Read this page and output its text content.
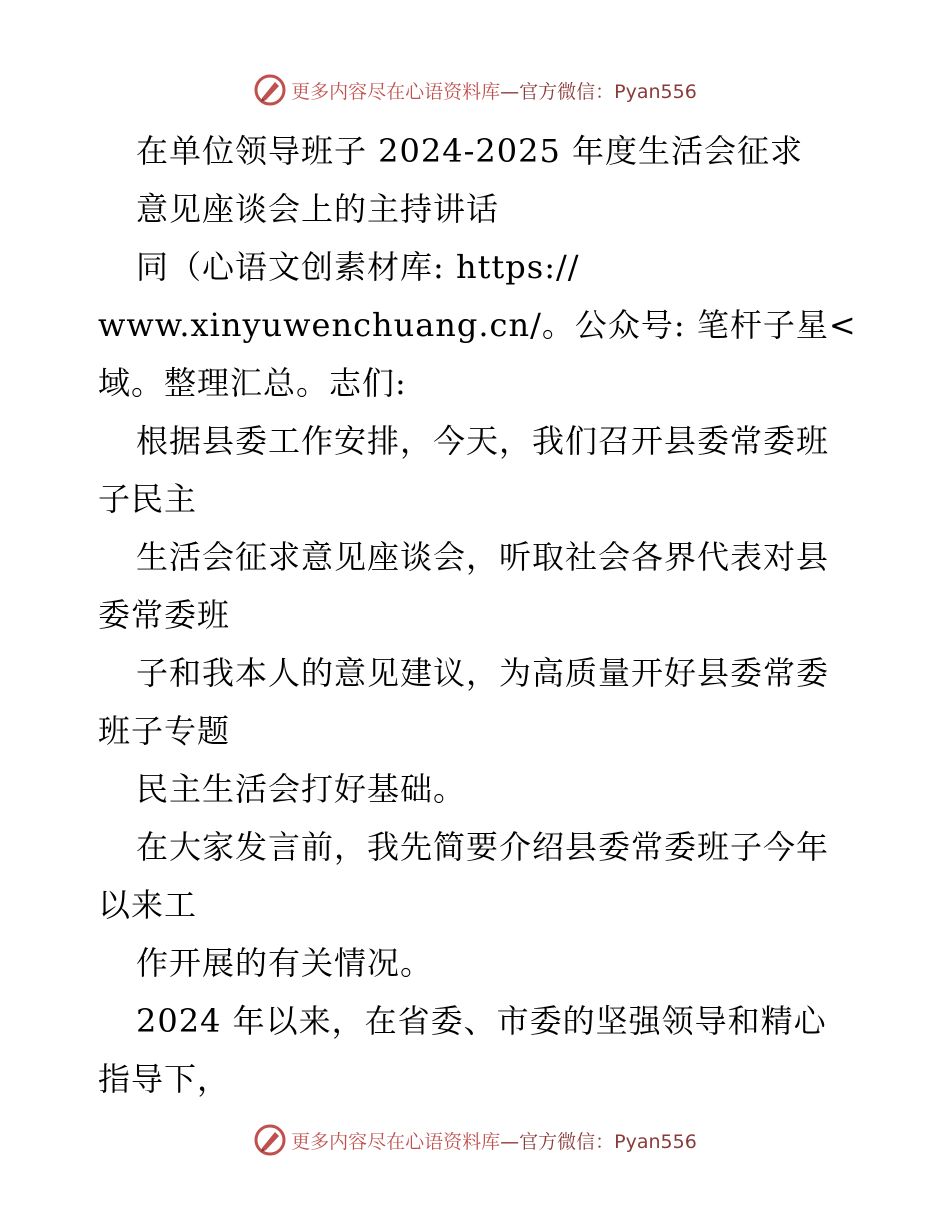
更多内容尽在心语资料库—官方微信：Pyan556
在单位领导班子 2024-2025 年度生活会征求
意见座谈会上的主持讲话
同（心语文创素材库: https://
www.xinyuwenchuang.cn/。公众号: 笔杆子星<
域。整理汇总。志们:
根据县委工作安排，今天，我们召开县委常委班
子民主
生活会征求意见座谈会，听取社会各界代表对县
委常委班
子和我本人的意见建议，为高质量开好县委常委
班子专题
民主生活会打好基础。
在大家发言前，我先简要介绍县委常委班子今年
以来工
作开展的有关情况。
2024 年以来，在省委、市委的坚强领导和精心
指导下，
更多内容尽在心语资料库—官方微信：Pyan556
